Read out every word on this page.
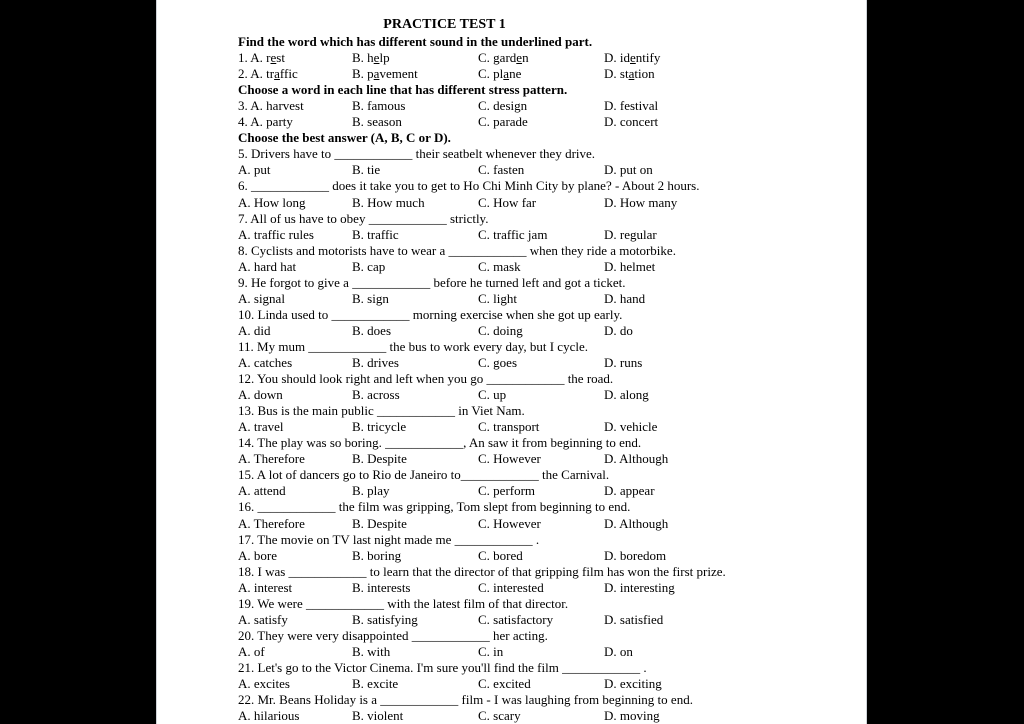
PRACTICE TEST 1
Find the word which has different sound in the underlined part.
1. A. rest	B. help	C. garden	D. identify
2. A. traffic	B. pavement	C. plane	D. station
Choose a word in each line that has different stress pattern.
3. A. harvest	B. famous	C. design	D. festival
4. A. party	B. season	C. parade	D. concert
Choose the best answer (A, B, C or D).
5. Drivers have to ____________ their seatbelt whenever they drive.
A. put	B. tie	C. fasten	D. put on
6. ____________ does it take you to get to Ho Chi Minh City by plane? - About 2 hours.
A. How long	B. How much	C. How far	D. How many
7. All of us have to obey ____________ strictly.
A. traffic rules	B. traffic	C. traffic jam	D. regular
8. Cyclists and motorists have to wear a ____________ when they ride a motorbike.
A. hard hat	B. cap	C. mask	D. helmet
9. He forgot to give a ____________ before he turned left and got a ticket.
A. signal	B. sign	C. light	D. hand
10. Linda used to ____________ morning exercise when she got up early.
A. did	B. does	C. doing	D. do
11. My mum ____________ the bus to work every day, but I cycle.
A. catches	B. drives	C. goes	D. runs
12. You should look right and left when you go ____________ the road.
A. down	B. across	C. up	D. along
13. Bus is the main public ____________ in Viet Nam.
A. travel	B. tricycle	C. transport	D. vehicle
14. The play was so boring. ____________, An saw it from beginning to end.
A. Therefore	B. Despite	C. However	D. Although
15. A lot of dancers go to Rio de Janeiro to____________ the Carnival.
A. attend	B. play	C. perform	D. appear
16. ____________ the film was gripping, Tom slept from beginning to end.
A. Therefore	B. Despite	C. However	D. Although
17. The movie on TV last night made me ____________ .
A. bore	B. boring	C. bored	D. boredom
18. I was ____________ to learn that the director of that gripping film has won the first prize.
A. interest	B. interests	C. interested	D. interesting
19. We were ____________ with the latest film of that director.
A. satisfy	B. satisfying	C. satisfactory	D. satisfied
20. They were very disappointed ____________ her acting.
A. of	B. with	C. in	D. on
21. Let's go to the Victor Cinema. I'm sure you'll find the film ____________ .
A. excites	B. excite	C. excited	D. exciting
22. Mr. Beans Holiday is a ____________ film - I was laughing from beginning to end.
A. hilarious	B. violent	C. scary	D. moving
